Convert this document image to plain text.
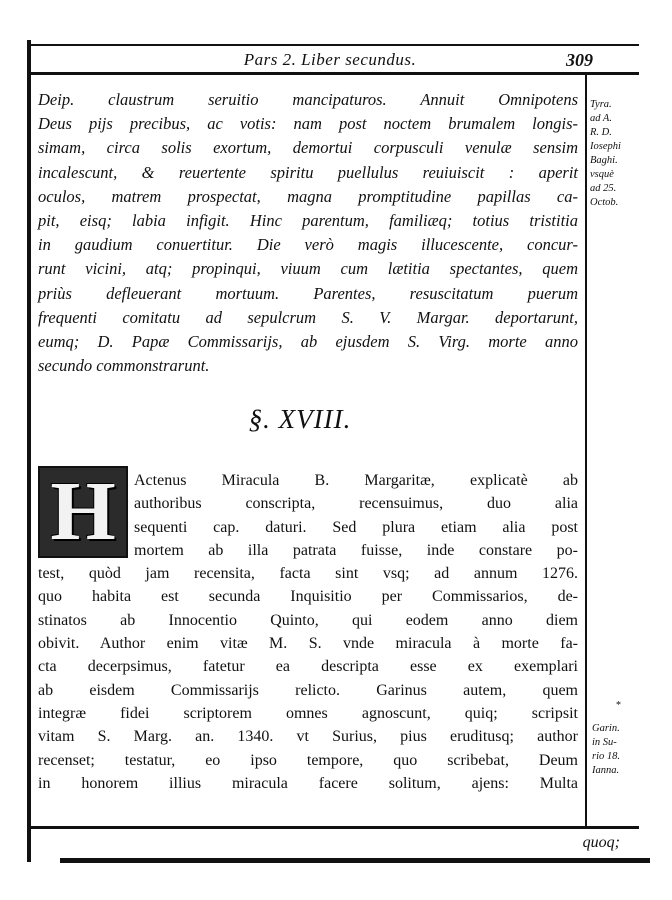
Pars 2. Liber secundus.	309
Deip. claustrum seruitio mancipaturos. Annuit Omnipotens
Deus pijs precibus, ac votis: nam post noctem brumalem longis-
simam, circa solis exortum, demortui corpusculi venulæ sensim
incalescunt, & reuertente spiritu puellulus reuiuiscit : aperit
oculos, matrem prospectat, magna promptitudine papillas ca-
pit, eisq; labia infigit. Hinc parentum, familiæq; totius tristitia
in gaudium conuertitur. Die verò magis illucescente, concur-
runt vicini, atq; propinqui, viuum cum lætitia spectantes, quem
priùs defleuerant mortuum. Parentes, resuscitatum puerum
frequenti comitatu ad sepulcrum S. V. Margar. deportarunt,
eumq; D. Papæ Commissarijs, ab ejusdem S. Virg. morte anno
secundo commonstrarunt.
§. XVIII.
H	Actenus Miracula B. Margaritæ, explicatè ab
authoribus conscripta, recensuimus, duo alia
sequenti cap. daturi. Sed plura etiam alia post
mortem ab illa patrata fuisse, inde constare po-
test, quòd jam recensita, facta sint vsq; ad annum 1276.
quo habita est secunda Inquisitio per Commissarios, de-
stinatos ab Innocentio Quinto, qui eodem anno diem
obivit. Author enim vitæ M. S. vnde miracula à morte fa-
cta decerpsimus, fatetur ea descripta esse ex exemplari
ab eisdem Commissarijs relicto. Garinus autem, quem
integræ fidei scriptorem omnes agnoscunt, quiq; scripsit
vitam S. Marg. an. 1340. vt Surius, pius eruditusq; author
recenset; testatur, eo ipso tempore, quo scribebat, Deum
in honorem illius miracula facere solitum, ajens: Multa
Tyra.
ad A.
R. D.
Iosephi
Baghi.
vsquè
ad 25.
Octob.
*
Garin.
in Su-
rio 18.
Ianna.
quoq;
